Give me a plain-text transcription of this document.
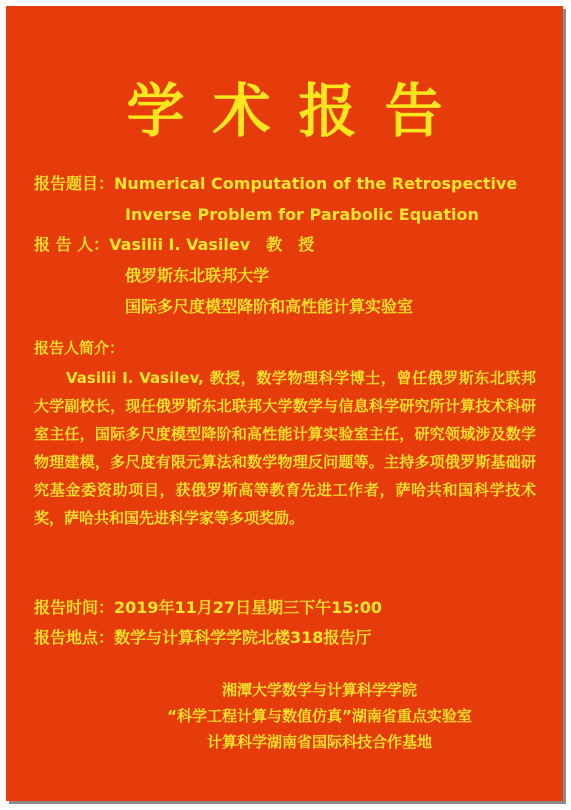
学术报告
报告题目：Numerical Computation of the Retrospective
Inverse Problem for Parabolic Equation
报 告 人：Vasilii I. Vasilev　教　授
俄罗斯东北联邦大学
国际多尺度模型降阶和高性能计算实验室
报告人简介：
Vasilii I. Vasilev, 教授，数学物理科学博士，曾任俄罗斯东北联邦大学副校长，现任俄罗斯东北联邦大学数学与信息科学研究所计算技术科研室主任，国际多尺度模型降阶和高性能计算实验室主任，研究领域涉及数学物理建模，多尺度有限元算法和数学物理反问题等。主持多项俄罗斯基础研究基金委资助项目，获俄罗斯高等教育先进工作者，萨哈共和国科学技术奖，萨哈共和国先进科学家等多项奖励。
报告时间：2019年11月27日星期三下午15:00
报告地点：数学与计算科学学院北楼318报告厅
湘潭大学数学与计算科学学院
“科学工程计算与数值仿真”湖南省重点实验室
计算科学湖南省国际科技合作基地
